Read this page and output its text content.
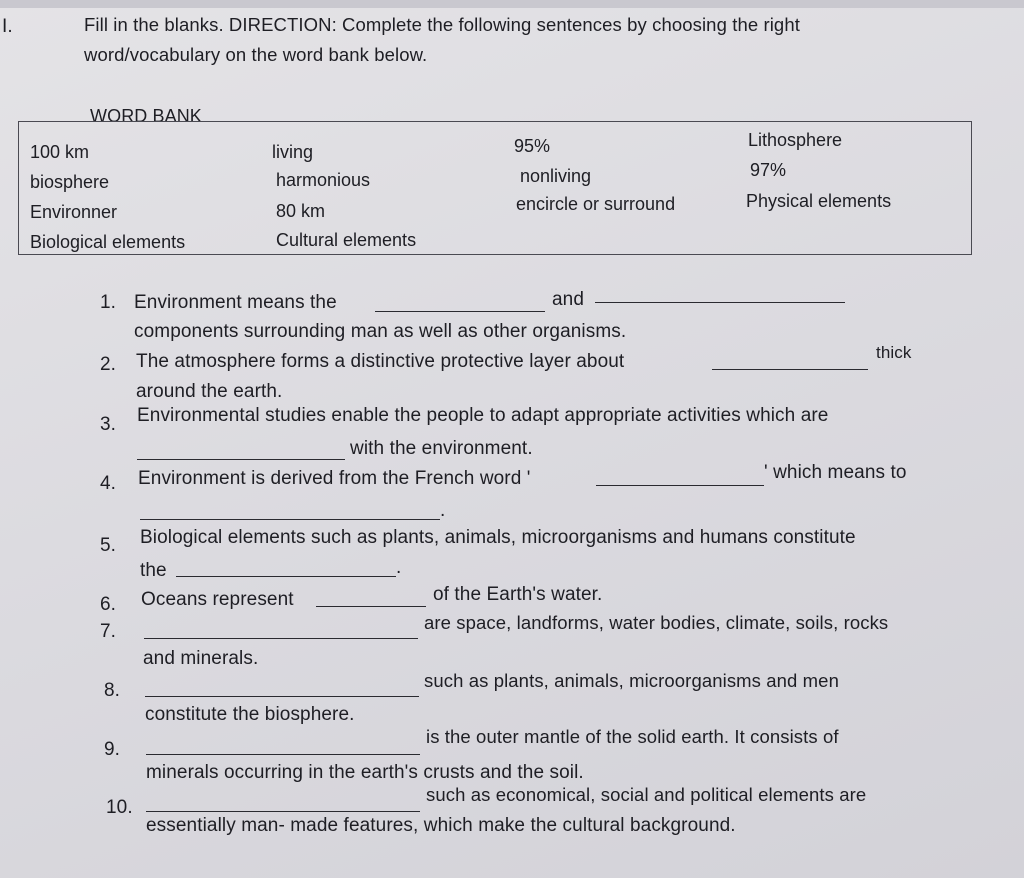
I.	Fill in the blanks. DIRECTION: Complete the following sentences by choosing the right
word/vocabulary on the word bank below.
WORD BANK
100 km
biosphere
Environner
Biological elements
living
harmonious
80 km
Cultural elements
95%
nonliving
encircle or surround
Lithosphere
97%
Physical elements
1. Environment means the	and
components surrounding man as well as other organisms.
2. The atmosphere forms a distinctive protective layer about	thick
around the earth.
3. Environmental studies enable the people to adapt appropriate activities which are
with the environment.
4. Environment is derived from the French word '	' which means to
.
5. Biological elements such as plants, animals, microorganisms and humans constitute
the	.
6. Oceans represent	of the Earth's water.
7.	are space, landforms, water bodies, climate, soils, rocks
and minerals.
8.	such as plants, animals, microorganisms and men
constitute the biosphere.
9.
is the outer mantle of the solid earth. It consists of
minerals occurring in the earth's crusts and the soil.
10.
such as economical, social and political elements are
essentially man- made features, which make the cultural background.
